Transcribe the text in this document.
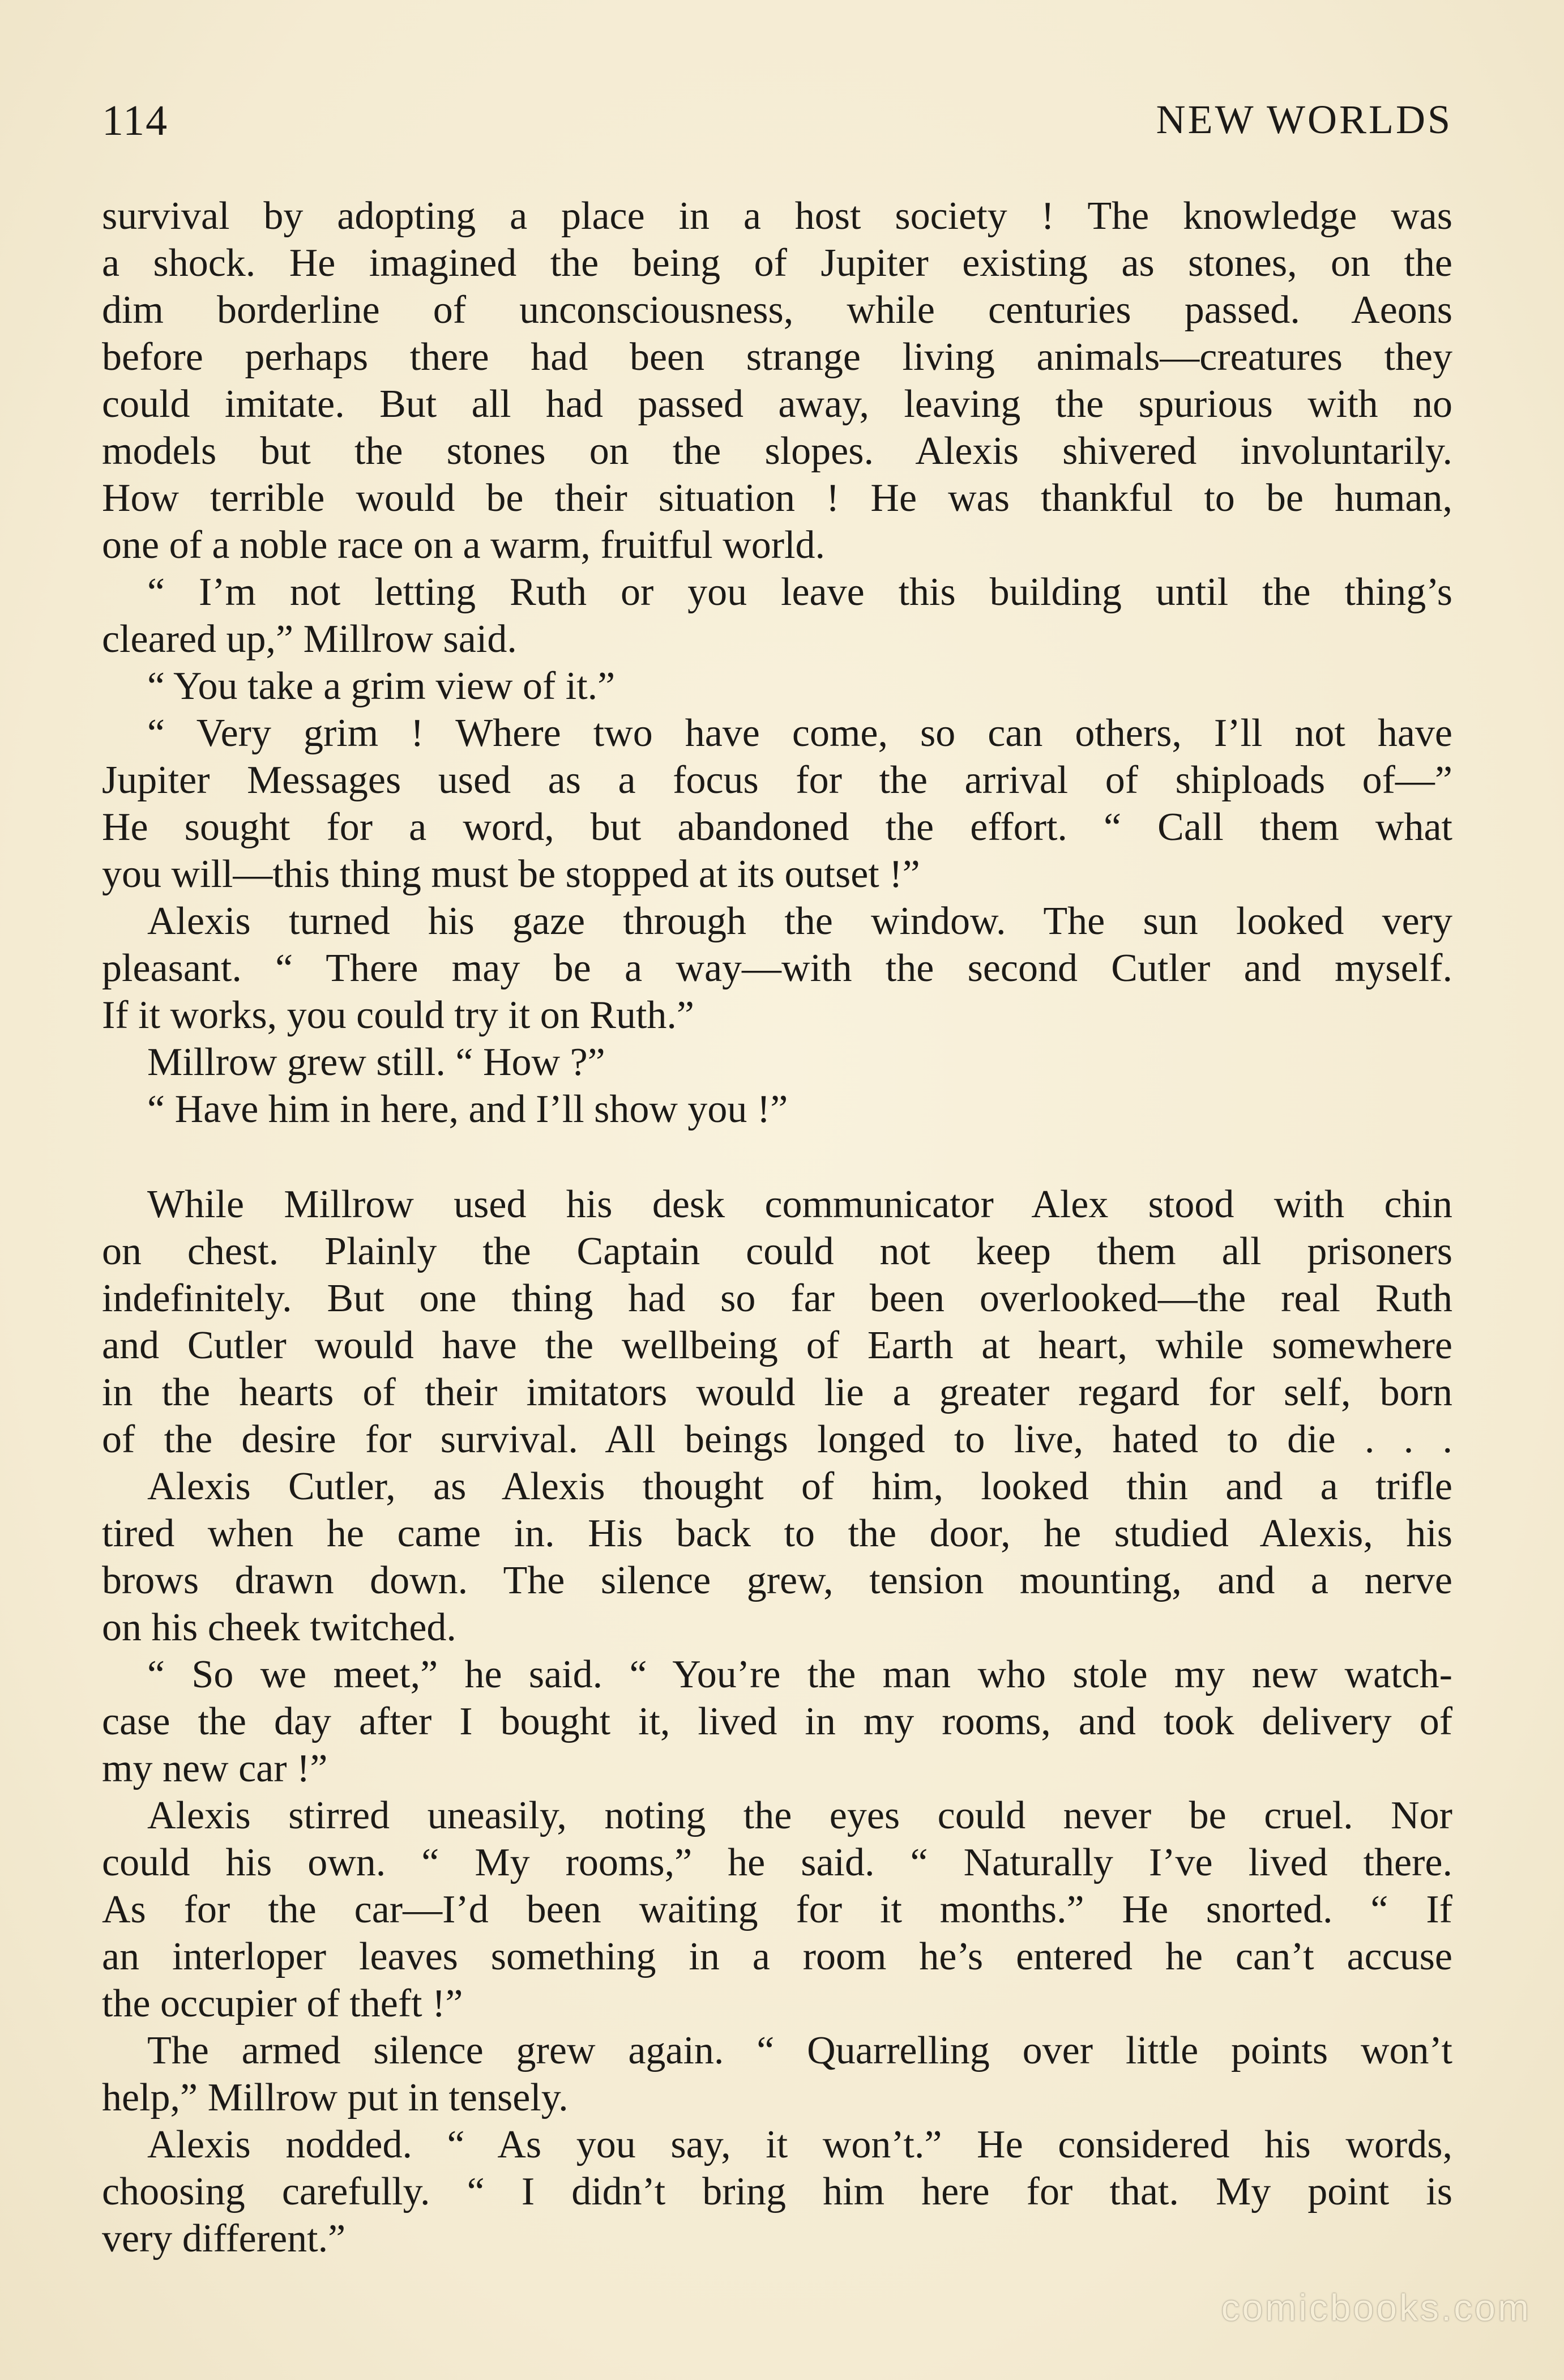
114	NEW WORLDS
survival by adopting a place in a host society ! The knowledge was
a shock. He imagined the being of Jupiter existing as stones, on the
dim borderline of unconsciousness, while centuries passed. Aeons
before perhaps there had been strange living animals—creatures they
could imitate. But all had passed away, leaving the spurious with no
models but the stones on the slopes. Alexis shivered involuntarily.
How terrible would be their situation ! He was thankful to be human,
one of a noble race on a warm, fruitful world.
“ I’m not letting Ruth or you leave this building until the thing’s
cleared up,” Millrow said.
“ You take a grim view of it.”
“ Very grim ! Where two have come, so can others, I’ll not have
Jupiter Messages used as a focus for the arrival of shiploads of—”
He sought for a word, but abandoned the effort. “ Call them what
you will—this thing must be stopped at its outset !”
Alexis turned his gaze through the window. The sun looked very
pleasant. “ There may be a way—with the second Cutler and myself.
If it works, you could try it on Ruth.”
Millrow grew still. “ How ?”
“ Have him in here, and I’ll show you !”
While Millrow used his desk communicator Alex stood with chin
on chest. Plainly the Captain could not keep them all prisoners
indefinitely. But one thing had so far been overlooked—the real Ruth
and Cutler would have the wellbeing of Earth at heart, while somewhere
in the hearts of their imitators would lie a greater regard for self, born
of the desire for survival. All beings longed to live, hated to die . . .
Alexis Cutler, as Alexis thought of him, looked thin and a trifle
tired when he came in. His back to the door, he studied Alexis, his
brows drawn down. The silence grew, tension mounting, and a nerve
on his cheek twitched.
“ So we meet,” he said. “ You’re the man who stole my new watch-
case the day after I bought it, lived in my rooms, and took delivery of
my new car !”
Alexis stirred uneasily, noting the eyes could never be cruel. Nor
could his own. “ My rooms,” he said. “ Naturally I’ve lived there.
As for the car—I’d been waiting for it months.” He snorted. “ If
an interloper leaves something in a room he’s entered he can’t accuse
the occupier of theft !”
The armed silence grew again. “ Quarrelling over little points won’t
help,” Millrow put in tensely.
Alexis nodded. “ As you say, it won’t.” He considered his words,
choosing carefully. “ I didn’t bring him here for that. My point is
very different.”
comicbooks.com
